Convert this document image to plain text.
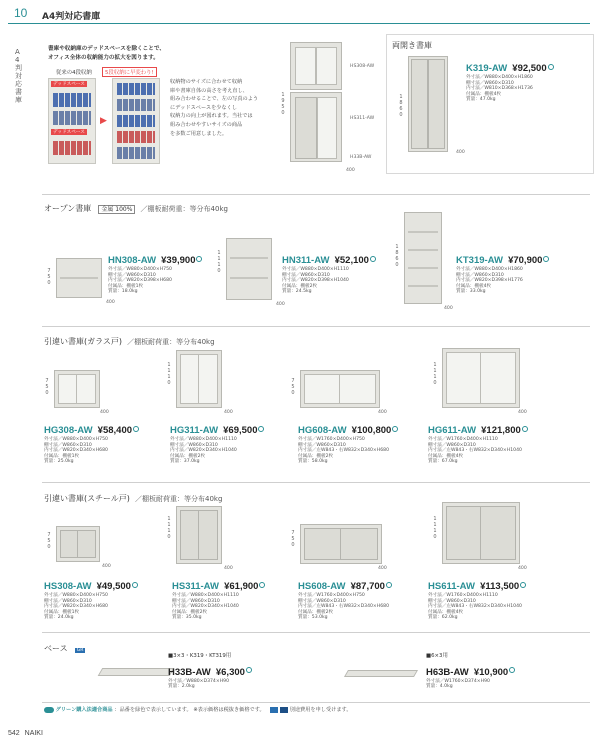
10 A4判対応書庫
A4判対応書庫
書庫や収納庫のデッドスペースを除くことで、
オフィス全体の収納能力の拡大を図ります。
従来の4段収納	5段収納に早変わり!
デッドスペース
デッドスペース
▶
収納物のサイズに合わせて収納
庫や書庫自体の高さを考え直し、
組み合わせることで、左の写真のよう
にデッドスペースを少なくし
収納力の向上が図れます。当社では
組み合わせやすいサイズの商品
を多数ご用意しました。
HS308-AW
HS311-AW
H33B-AW
1950
400
両開き書庫
1860
400
K319-AW ¥92,500
外寸法／W880×D400×H1860
棚寸法／W860×D310
内寸法／W810×D368×H1736
付属品：棚板4枚
質量：47.0kg
オープン書庫 金属 100% ／棚板耐荷重：等分布40kg
750
400
HN308-AW ¥39,900
外寸法／W880×D400×H750
棚寸法／W860×D310
内寸法／W820×D398×H680
付属品：棚板1枚
質量：18.0kg
1110
400
HN311-AW ¥52,100
外寸法／W880×D400×H1110
棚寸法／W860×D310
内寸法／W820×D398×H1040
付属品：棚板2枚
質量：24.5kg
1860
400
KT319-AW ¥70,900
外寸法／W880×D400×H1860
棚寸法／W860×D310
内寸法／W820×D398×H1776
付属品：棚板4枚
質量：33.0kg
引違い書庫(ガラス戸) ／棚板耐荷重：等分布40kg
750
400
HG308-AW ¥58,400
外寸法／W880×D400×H750
棚寸法／W860×D310
内寸法／W820×D340×H680
付属品：棚板1枚
質量：25.0kg
1110
400
HG311-AW ¥69,500
外寸法／W880×D400×H1110
棚寸法／W860×D310
内寸法／W820×D340×H1040
付属品：棚板2枚
質量：37.0kg
750
400
HG608-AW ¥100,800
外寸法／W1760×D400×H750
棚寸法／W860×D310
内寸法／左W843・右W832×D340×H680
付属品：棚板2枚
質量：58.0kg
1110
400
HG611-AW ¥121,800
外寸法／W1760×D400×H1110
棚寸法／W860×D310
内寸法／左W843・右W832×D340×H1040
付属品：棚板4枚
質量：67.0kg
引違い書庫(スチール戸) ／棚板耐荷重：等分布40kg
750
400
HS308-AW ¥49,500
外寸法／W880×D400×H750
棚寸法／W860×D310
内寸法／W820×D340×H680
付属品：棚板1枚
質量：24.0kg
1110
400
HS311-AW ¥61,900
外寸法／W880×D400×H1110
棚寸法／W860×D310
内寸法／W820×D340×H1040
付属品：棚板2枚
質量：35.0kg
750
400
HS608-AW ¥87,700
外寸法／W1760×D400×H750
棚寸法／W860×D310
内寸法／左W843・右W832×D340×H680
付属品：棚板2枚
質量：53.0kg
1110
400
HS611-AW ¥113,500
外寸法／W1760×D400×H1110
棚寸法／W860×D310
内寸法／左W843・右W832×D340×H1040
付属品：棚板4枚
質量：62.0kg
ベース GR
■3×3・K319・KT319用
H33B-AW ¥6,300
外寸法／W880×D374×H90
質量：2.0kg
■6×3用
H63B-AW ¥10,900
外寸法／W1760×D374×H90
質量：4.0kg
グリーン購入法適合商品 ：品番を緑色で表示しています。 ※表示価格は税抜き価格です。	別途費用を申し受けます。
542 NAIKI
